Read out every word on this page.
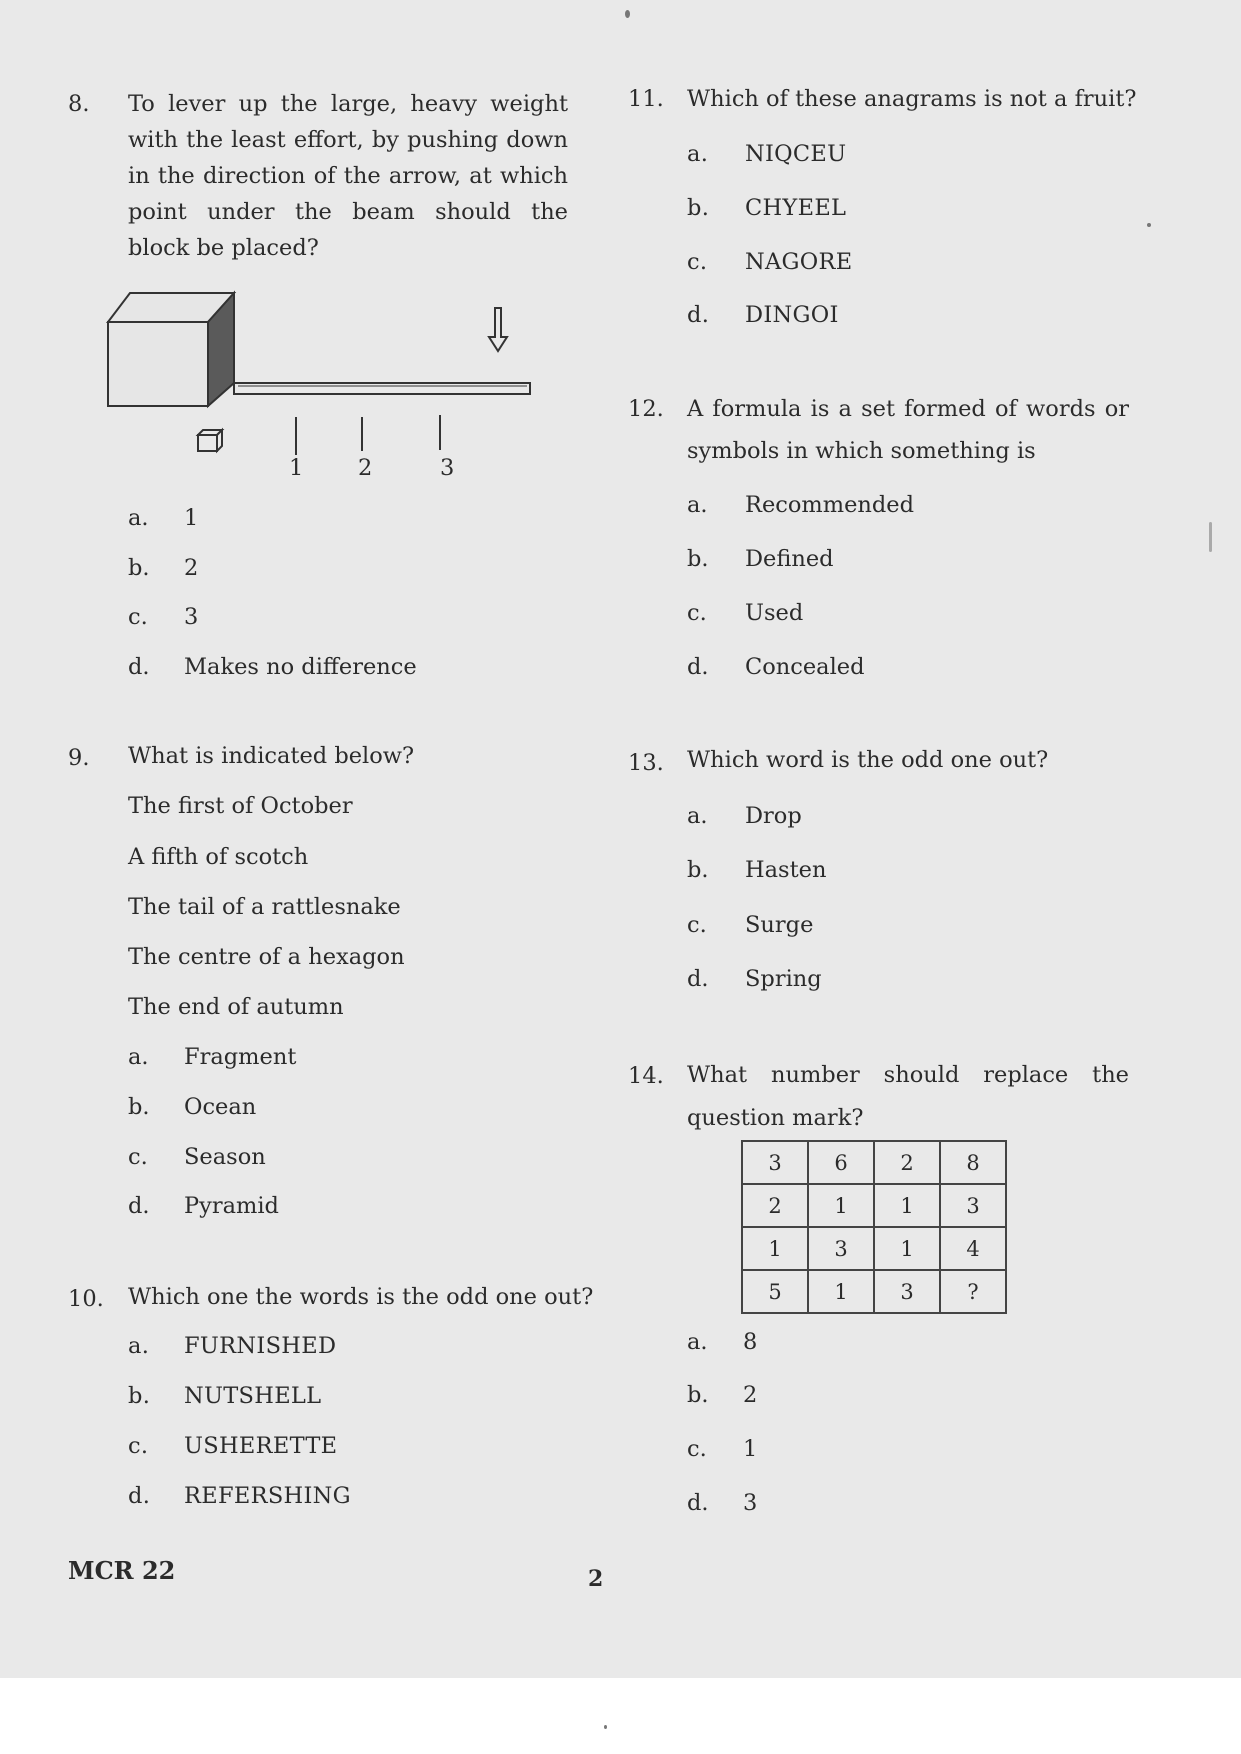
8. To lever up the large, heavy weight with the least effort, by pushing down in the direction of the arrow, at which point under the beam should the block be placed?
1 2	3
a. 1
b. 2
c. 3
d. Makes no difference
9. What is indicated below?
The first of October
A fifth of scotch
The tail of a rattlesnake
The centre of a hexagon
The end of autumn
a. Fragment
b. Ocean
c. Season
d. Pyramid
10. Which one the words is the odd one out?
a. FURNISHED
b. NUTSHELL
c. USHERETTE
d. REFERSHING
11. Which of these anagrams is not a fruit?
a. NIQCEU
b. CHYEEL
c. NAGORE
d. DINGOI
12. A formula is a set formed of words or symbols in which something is
a. Recommended
b. Defined
c. Used
d. Concealed
13. Which word is the odd one out?
a. Drop
b. Hasten
c. Surge
d. Spring
14. What number should replace the question mark?
3	6	2	8
2	1	1	3
1	3	1	4
5	1	3	?
a. 8
b. 2
c. 1
d. 3
MCR 22	2
